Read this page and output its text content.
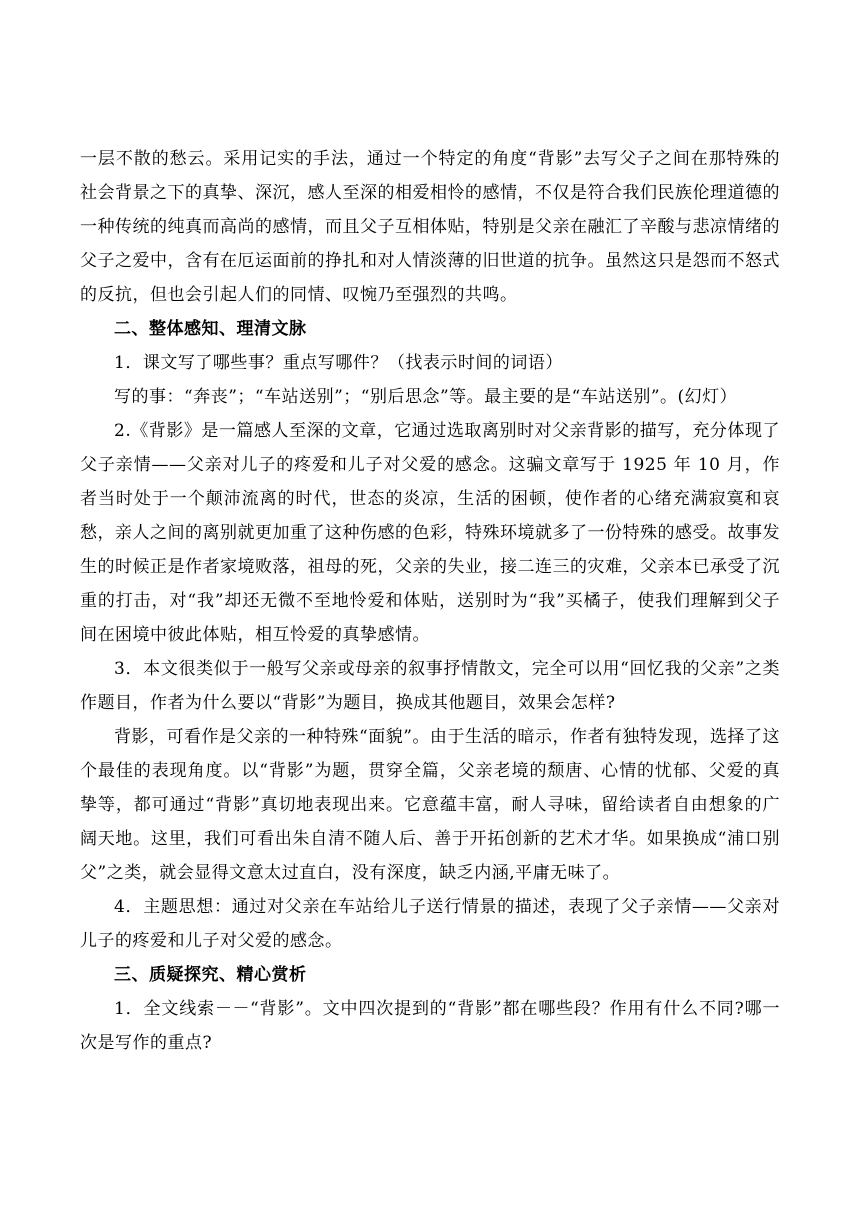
一层不散的愁云。采用记实的手法，通过一个特定的角度“背影”去写父子之间在那特殊的社会背景之下的真挚、深沉，感人至深的相爱相怜的感情，不仅是符合我们民族伦理道德的一种传统的纯真而高尚的感情，而且父子互相体贴，特别是父亲在融汇了辛酸与悲凉情绪的父子之爱中，含有在厄运面前的挣扎和对人情淡薄的旧世道的抗争。虽然这只是怨而不怒式的反抗，但也会引起人们的同情、叹惋乃至强烈的共鸣。

二、整体感知、理清文脉

1．课文写了哪些事？重点写哪件？（找表示时间的词语）

写的事：“奔丧”；“车站送别”；“别后思念”等。最主要的是“车站送别”。(幻灯）

2.《背影》是一篇感人至深的文章，它通过选取离别时对父亲背影的描写，充分体现了父子亲情——父亲对儿子的疼爱和儿子对父爱的感念。这骗文章写于 1925 年 10 月，作者当时处于一个颠沛流离的时代，世态的炎凉，生活的困顿，使作者的心绪充满寂寞和哀愁，亲人之间的离别就更加重了这种伤感的色彩，特殊环境就多了一份特殊的感受。故事发生的时候正是作者家境败落，祖母的死，父亲的失业，接二连三的灾难，父亲本已承受了沉重的打击，对“我”却还无微不至地怜爱和体贴，送别时为“我”买橘子，使我们理解到父子间在困境中彼此体贴，相互怜爱的真挚感情。

3．本文很类似于一般写父亲或母亲的叙事抒情散文，完全可以用“回忆我的父亲”之类作题目，作者为什么要以“背影”为题目，换成其他题目，效果会怎样?

背影，可看作是父亲的一种特殊“面貌”。由于生活的暗示，作者有独特发现，选择了这个最佳的表现角度。以“背影”为题，贯穿全篇，父亲老境的颓唐、心情的忧郁、父爱的真挚等，都可通过“背影”真切地表现出来。它意蕴丰富，耐人寻味，留给读者自由想象的广阔天地。这里，我们可看出朱自清不随人后、善于开拓创新的艺术才华。如果换成“浦口别父”之类，就会显得文意太过直白，没有深度，缺乏内涵,平庸无味了。

4．主题思想：通过对父亲在车站给儿子送行情景的描述，表现了父子亲情——父亲对儿子的疼爱和儿子对父爱的感念。

三、质疑探究、精心赏析

1．全文线索－－“背影”。文中四次提到的“背影”都在哪些段？作用有什么不同?哪一次是写作的重点?
